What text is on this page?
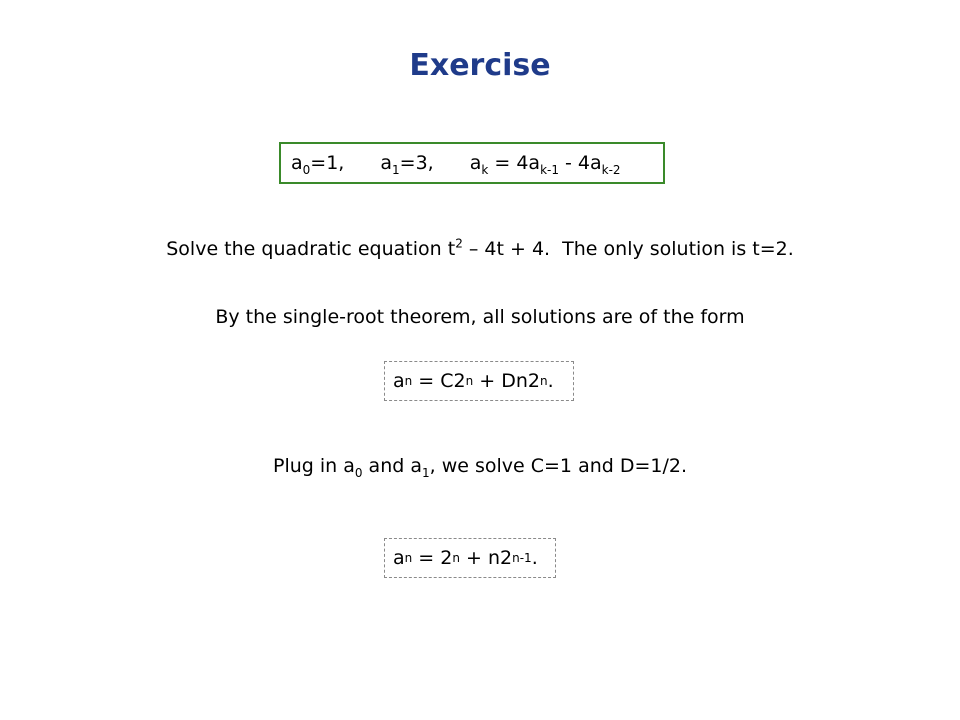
Exercise
$a_0=1$, $a_1=3$, $a_k = 4a_{k-1} - 4a_{k-2}$
Solve the quadratic equation $t^2 - 4t + 4$.  The only solution is t=2.
By the single-root theorem, all solutions are of the form
a n = C2 n + Dn2 n .
Plug in $a_0$ and $a_1$, we solve C=1 and D=1/2.
a n = 2 n + n2 n-1 .
